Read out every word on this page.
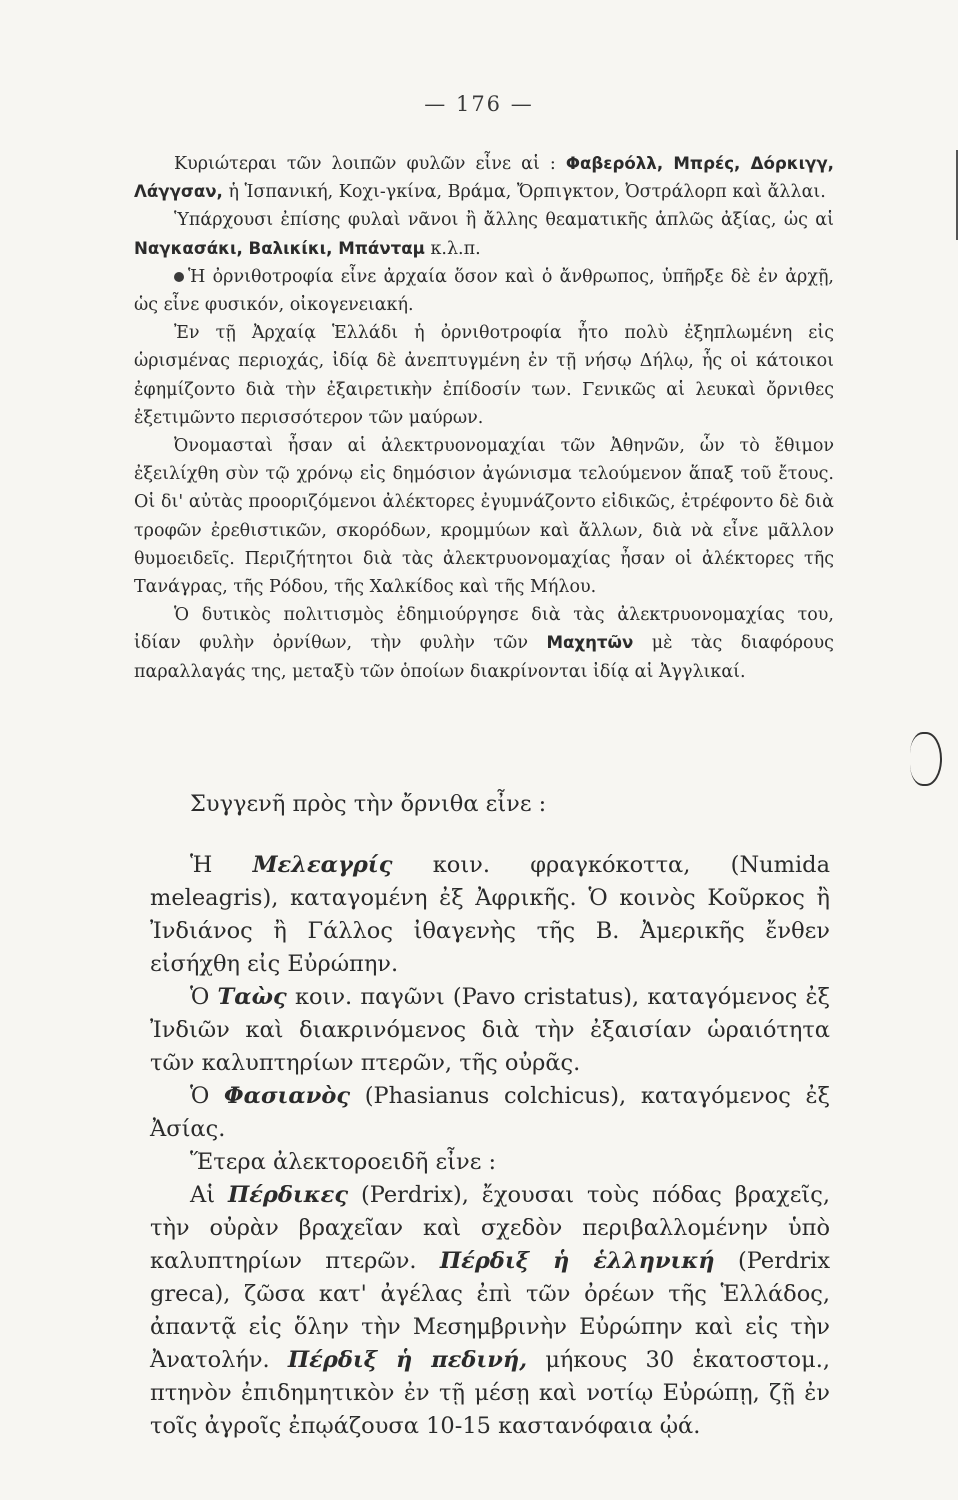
— 176 —

Κυριώτεραι τῶν λοιπῶν φυλῶν εἶνε αἱ : Φαβερόλλ, Μπρές, Δόρκιγγ, Λάγγσαν, ἡ Ἱσπανική, Κοχι-γκίνα, Βράμα, Ὄρπιγκτον, Ὀστράλορπ καὶ ἄλλαι.

Ὑπάρχουσι ἐπίσης φυλαὶ νᾶνοι ἢ ἄλλης θεαματικῆς ἁπλῶς ἀξίας, ὡς αἱ Ναγκασάκι, Βαλικίκι, Μπάνταμ κ.λ.π.

Ἡ ὀρνιθοτροφία εἶνε ἀρχαία ὅσον καὶ ὁ ἄνθρωπος, ὑπῆρξε δὲ ἐν ἀρχῇ, ὡς εἶνε φυσικόν, οἰκογενειακή.

Ἐν τῇ Ἀρχαίᾳ Ἑλλάδι ἡ ὀρνιθοτροφία ἦτο πολὺ ἐξηπλωμένη εἰς ὡρισμένας περιοχάς, ἰδίᾳ δὲ ἀνεπτυγμένη ἐν τῇ νήσῳ Δήλῳ, ἧς οἱ κάτοικοι ἐφημίζοντο διὰ τὴν ἐξαιρετικὴν ἐπίδοσίν των. Γενικῶς αἱ λευκαὶ ὄρνιθες ἐξετιμῶντο περισσότερον τῶν μαύρων.

Ὀνομασταὶ ἦσαν αἱ ἀλεκτρυονομαχίαι τῶν Ἀθηνῶν, ὧν τὸ ἔθιμον ἐξειλίχθη σὺν τῷ χρόνῳ εἰς δημόσιον ἀγώνισμα τελούμενον ἅπαξ τοῦ ἔτους. Οἱ δι' αὐτὰς προοριζόμενοι ἀλέκτορες ἐγυμνάζοντο εἰδικῶς, ἐτρέφοντο δὲ διὰ τροφῶν ἐρεθιστικῶν, σκορόδων, κρομμύων καὶ ἄλλων, διὰ νὰ εἶνε μᾶλλον θυμοειδεῖς. Περιζήτητοι διὰ τὰς ἀλεκτρυονομαχίας ἦσαν οἱ ἀλέκτορες τῆς Τανάγρας, τῆς Ρόδου, τῆς Χαλκίδος καὶ τῆς Μήλου.

Ὁ δυτικὸς πολιτισμὸς ἐδημιούργησε διὰ τὰς ἀλεκτρυονομαχίας του, ἰδίαν φυλὴν ὀρνίθων, τὴν φυλὴν τῶν Μαχητῶν μὲ τὰς διαφόρους παραλλαγάς της, μεταξὺ τῶν ὁποίων διακρίνονται ἰδίᾳ αἱ Ἀγγλικαί.

Συγγενῆ πρὸς τὴν ὄρνιθα εἶνε :

Ἡ Μελεαγρίς κοιν. φραγκόκοττα, (Numida meleagris), καταγομένη ἐξ Ἀφρικῆς. Ὁ κοινὸς Κοῦρκος ἢ Ἰνδιάνος ἢ Γάλλος ἰθαγενὴς τῆς Β. Ἀμερικῆς ἔνθεν εἰσήχθη εἰς Εὐρώπην.

Ὁ Ταὼς κοιν. παγῶνι (Pavo cristatus), καταγόμενος ἐξ Ἰνδιῶν καὶ διακρινόμενος διὰ τὴν ἐξαισίαν ὡραιότητα τῶν καλυπτηρίων πτερῶν, τῆς οὐρᾶς.

Ὁ Φασιανὸς (Phasianus colchicus), καταγόμενος ἐξ Ἀσίας.

Ἕτερα ἀλεκτοροειδῆ εἶνε :

Αἱ Πέρδικες (Perdrix), ἔχουσαι τοὺς πόδας βραχεῖς, τὴν οὐρὰν βραχεῖαν καὶ σχεδὸν περιβαλλομένην ὑπὸ καλυπτηρίων πτερῶν. Πέρδιξ ἡ ἑλληνική (Perdrix greca), ζῶσα κατ' ἀγέλας ἐπὶ τῶν ὀρέων τῆς Ἑλλάδος, ἀπαντᾷ εἰς ὅλην τὴν Μεσημβρινὴν Εὐρώπην καὶ εἰς τὴν Ἀνατολήν. Πέρδιξ ἡ πεδινή, μήκους 30 ἑκατοστομ., πτηνὸν ἐπιδημητικὸν ἐν τῇ μέσῃ καὶ νοτίῳ Εὐρώπῃ, ζῇ ἐν τοῖς ἀγροῖς ἐπῳάζουσα 10-15 καστανόφαια ᾠά.
